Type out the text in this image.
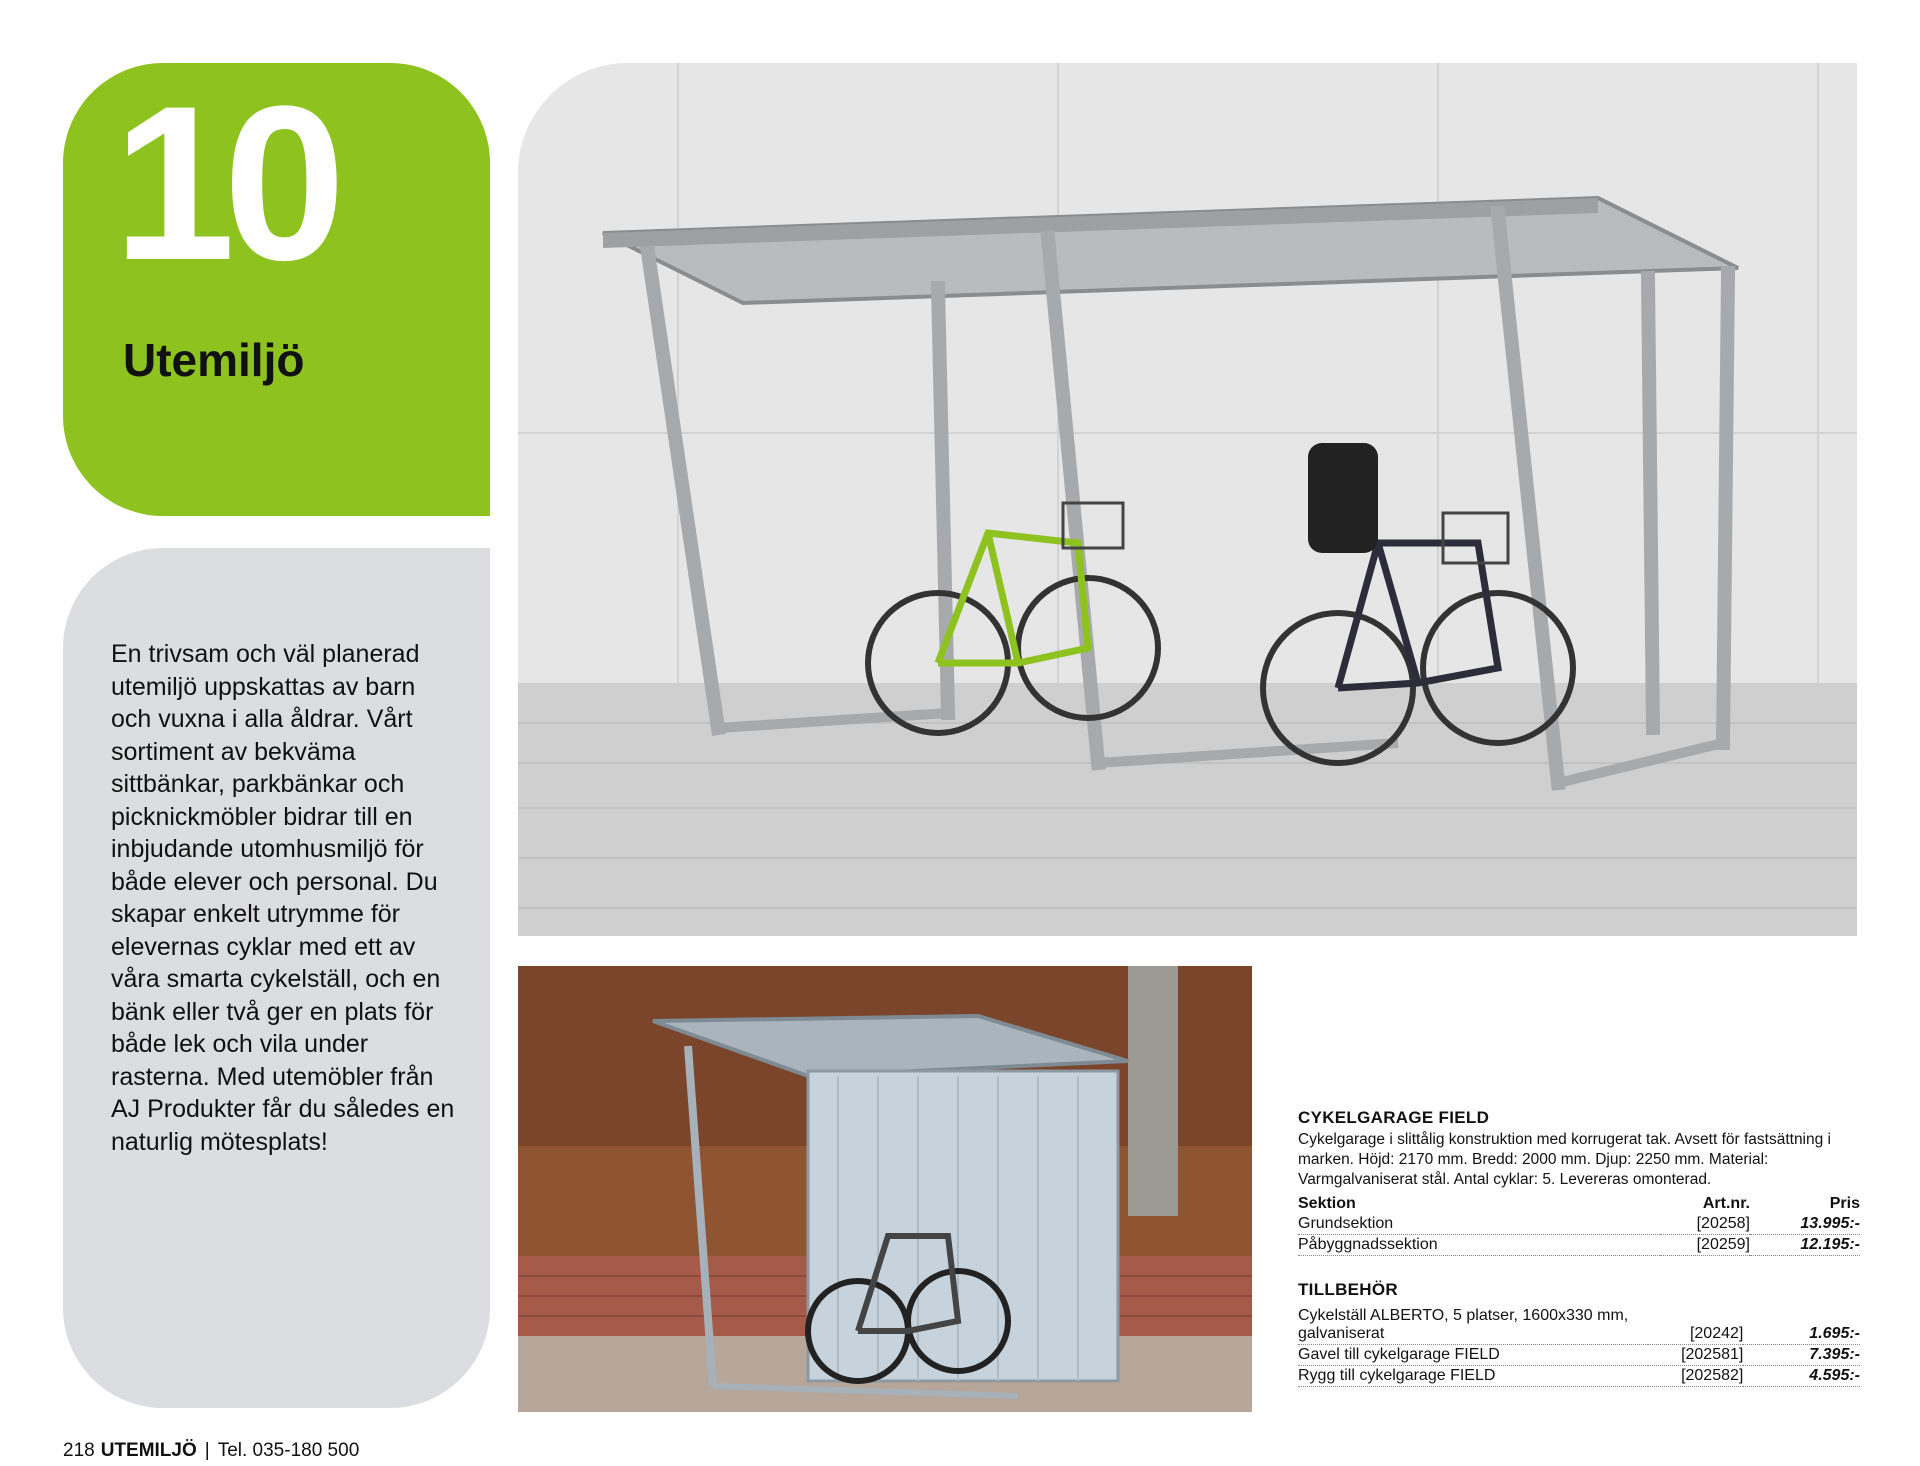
10
Utemiljö
En trivsam och väl planerad utemiljö uppskattas av barn och vuxna i alla åldrar. Vårt sortiment av bekväma sittbänkar, parkbänkar och picknickmöbler bidrar till en inbjudande utomhusmiljö för både elever och personal. Du skapar enkelt utrymme för elevernas cyklar med ett av våra smarta cykelställ, och en bänk eller två ger en plats för både lek och vila under rasterna. Med utemöbler från AJ Produkter får du således en naturlig mötesplats!
CYKELGARAGE FIELD

Cykelgarage i slittålig konstruktion med korrugerat tak. Avsett för fastsättning i marken. Höjd: 2170 mm. Bredd: 2000 mm. Djup: 2250 mm. Material: Varmgalvaniserat stål. Antal cyklar: 5. Levereras omonterad.

Sektion	Art.nr.	Pris
Grundsektion	[20258]	13.995:-
Påbyggnadssektion	[20259]	12.195:-
TILLBEHÖR
Cykelställ ALBERTO, 5 platser, 1600x330 mm, galvaniserat	[20242]	1.695:-
Gavel till cykelgarage FIELD	[202581]	7.395:-
Rygg till cykelgarage FIELD	[202582]	4.595:-
218 UTEMILJÖ | Tel. 035-180 500
